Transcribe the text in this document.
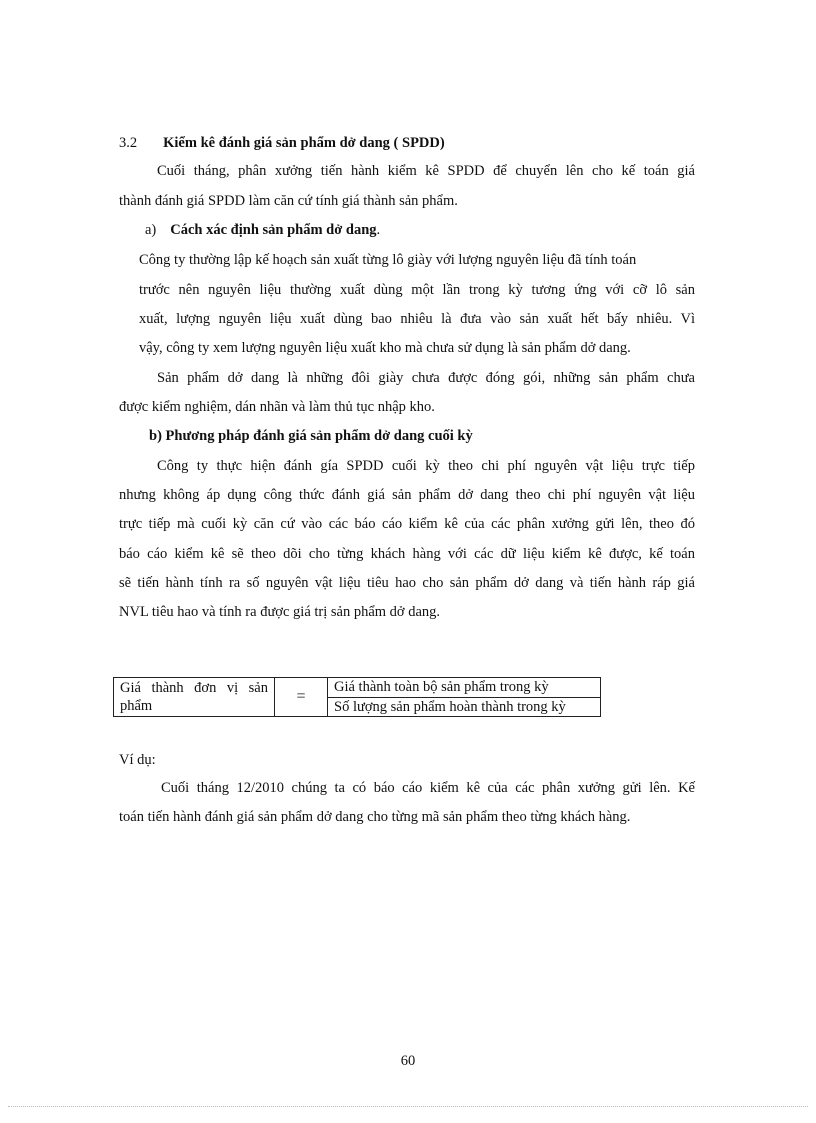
3.2 Kiểm kê đánh giá sản phẩm dở dang ( SPDD)
Cuối tháng, phân xưởng tiến hành kiểm kê SPDD để chuyển lên cho kế toán giá
thành đánh giá SPDD làm căn cứ tính giá thành sản phẩm.
a) Cách xác định sản phẩm dở dang.
Công ty thường lập kế hoạch sản xuất từng lô giày với lượng nguyên liệu đã tính toán
trước nên nguyên liệu thường xuất dùng một lần trong kỳ tương ứng với cỡ lô sản
xuất, lượng nguyên liệu xuất dùng bao nhiêu là đưa vào sản xuất hết bấy nhiêu. Vì
vậy, công ty xem lượng nguyên liệu xuất kho mà chưa sử dụng là sản phẩm dở dang.
Sản phẩm dở dang là những đôi giày chưa được đóng gói, những sản phẩm chưa
được kiểm nghiệm, dán nhãn và làm thủ tục nhập kho.
b) Phương pháp đánh giá sản phẩm dở dang cuối kỳ
Công ty thực hiện đánh gía SPDD cuối kỳ theo chi phí nguyên vật liệu trực tiếp
nhưng không áp dụng công thức đánh giá sản phẩm dở dang theo chi phí nguyên vật liệu
trực tiếp mà cuối kỳ căn cứ vào các báo cáo kiểm kê của các phân xưởng gửi lên, theo đó
báo cáo kiểm kê sẽ theo dõi cho từng khách hàng với các dữ liệu kiểm kê được, kế toán
sẽ tiến hành tính ra số nguyên vật liệu tiêu hao cho sản phẩm dở dang và tiến hành ráp giá
NVL tiêu hao và tính ra được giá trị sản phẩm dở dang.
Giá thành đơn vị sản phẩm	=	Giá thành toàn bộ sản phẩm trong kỳ
Số lượng sản phẩm hoàn thành trong kỳ
Ví dụ:
Cuối tháng 12/2010 chúng ta có báo cáo kiểm kê của các phân xưởng gửi lên. Kế
toán tiến hành đánh giá sản phẩm dở dang cho từng mã sản phẩm theo từng khách hàng.
60
